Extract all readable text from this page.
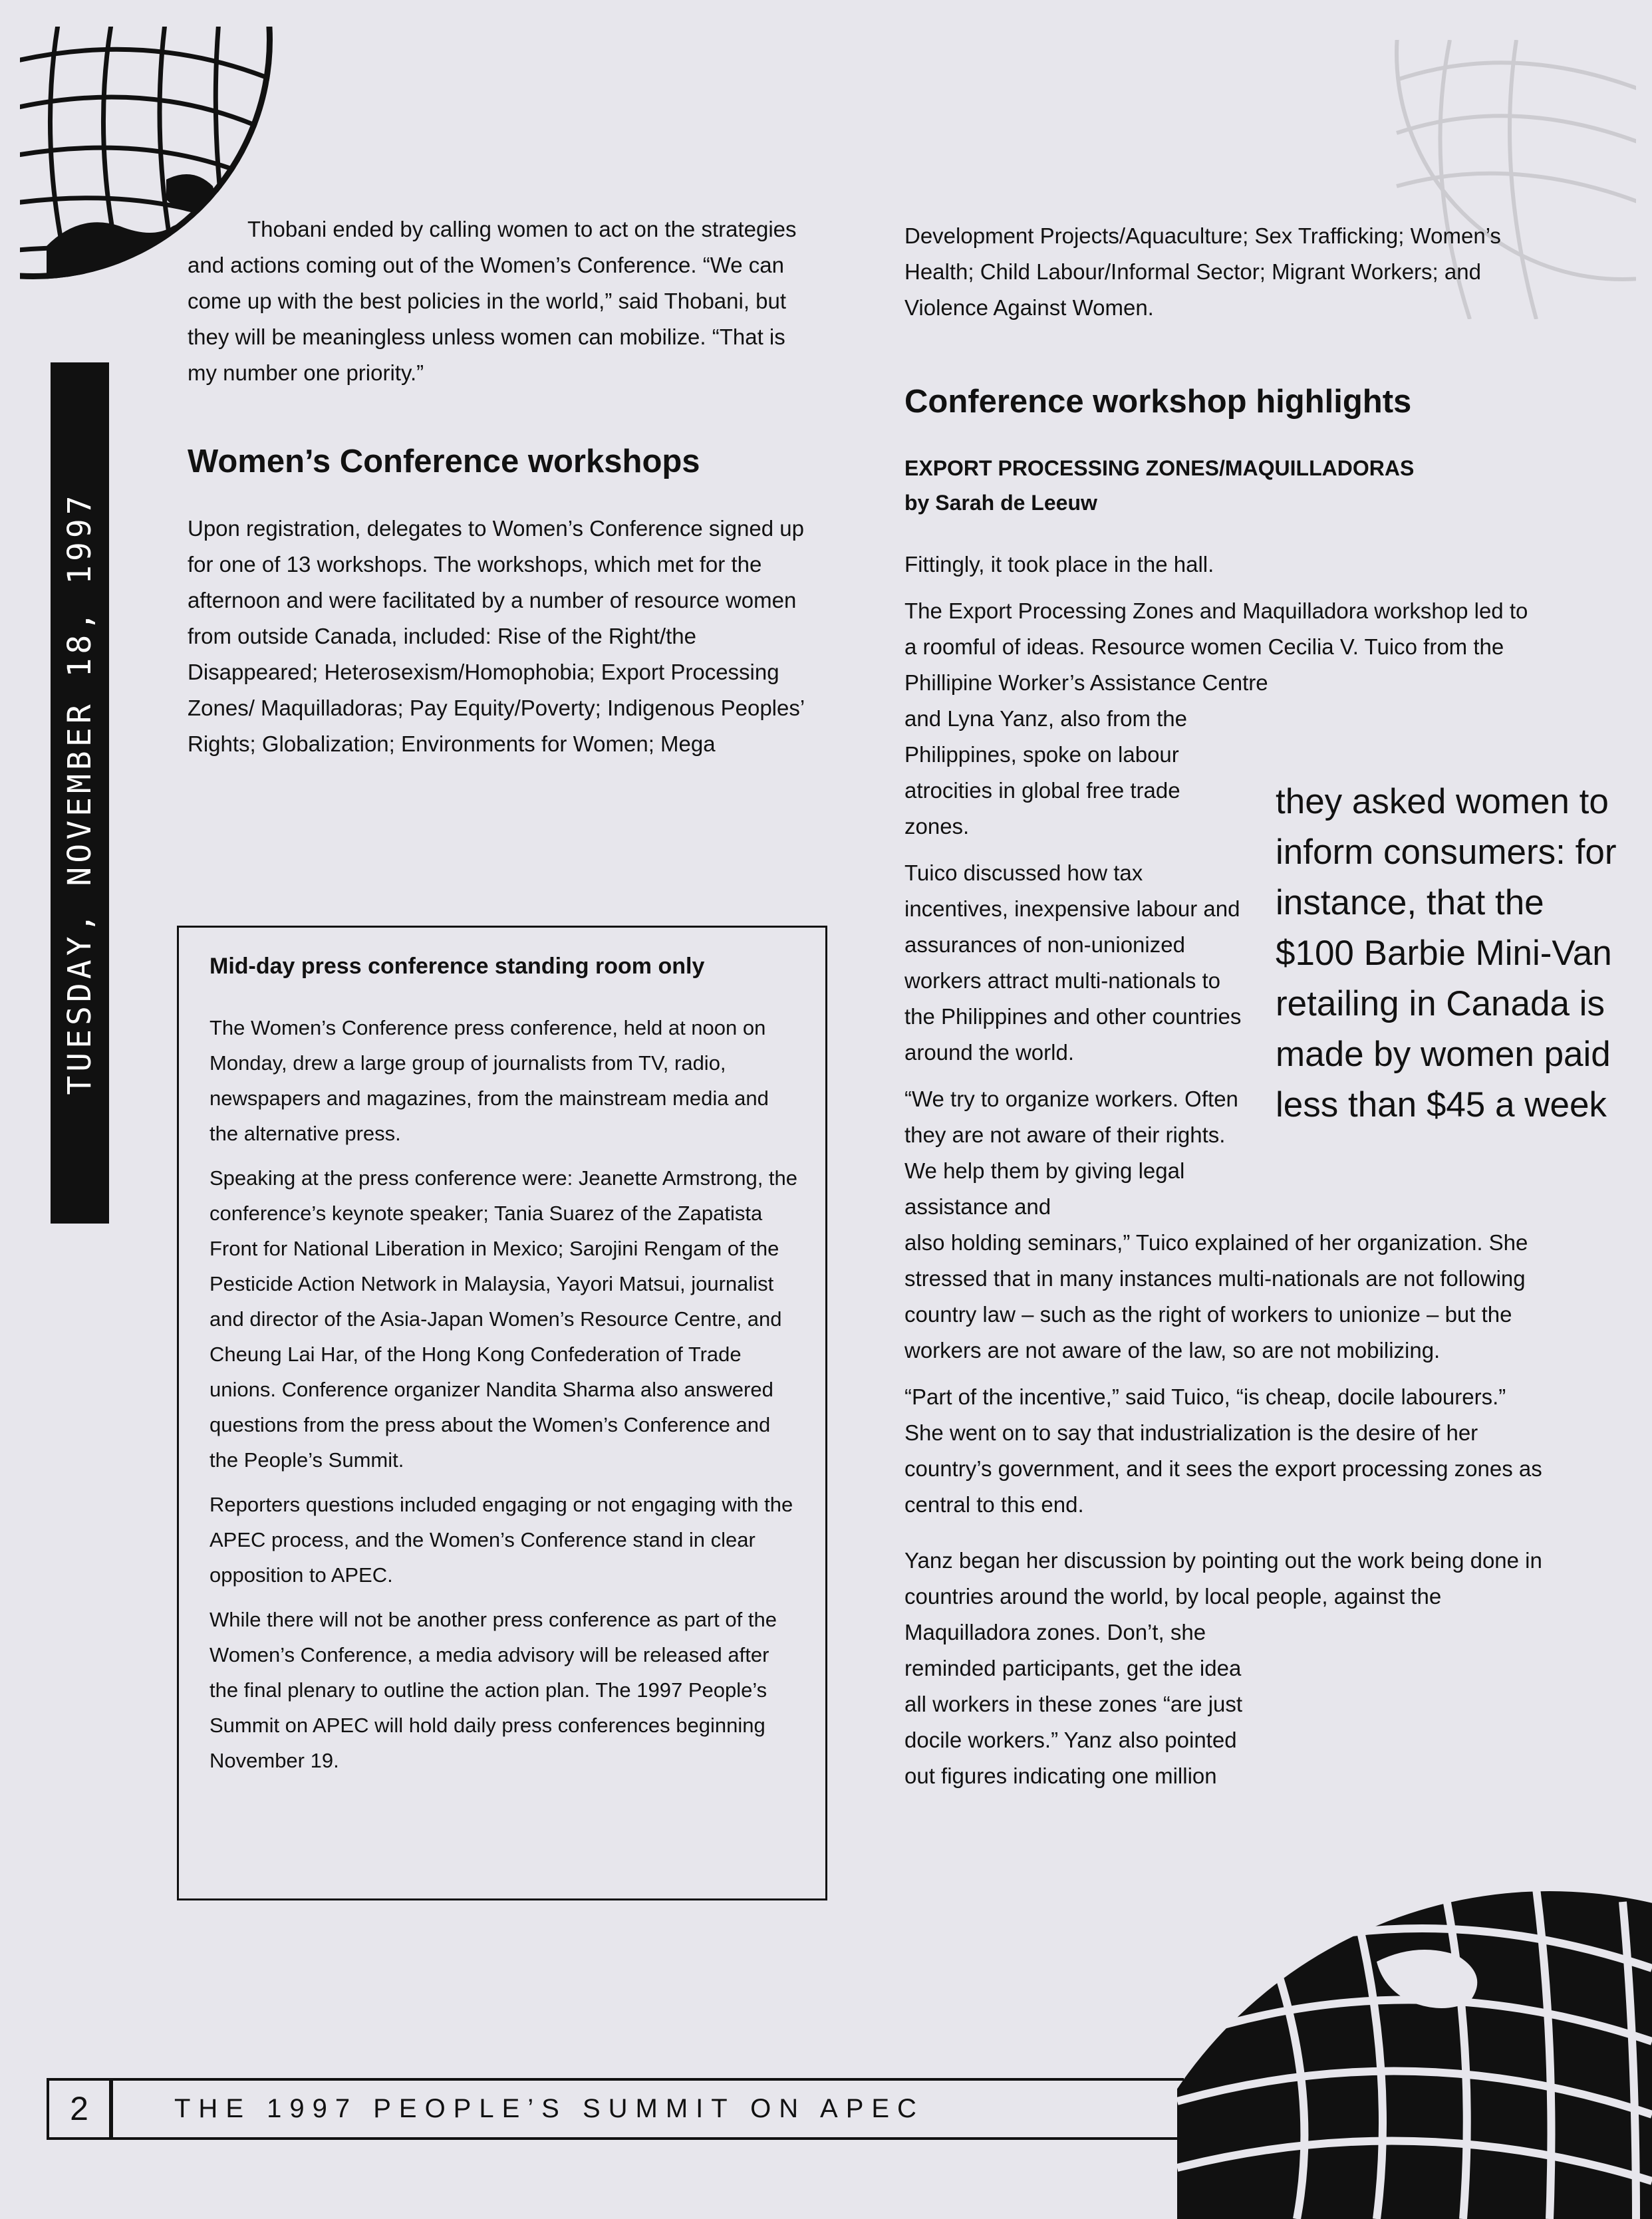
TUESDAY, NOVEMBER 18, 1997

Thobani ended by calling women to act on the strategies and actions coming out of the Women’s Conference. “We can come up with the best policies in the world,” said Thobani, but they will be meaningless unless women can mobilize. “That is my number one priority.”

Women’s Conference workshops

Upon registration, delegates to Women’s Conference signed up for one of 13 workshops. The workshops, which met for the afternoon and were facilitated by a number of resource women from outside Canada, included: Rise of the Right/the Disappeared; Heterosexism/Homophobia; Export Processing Zones/ Maquilladoras; Pay Equity/Poverty; Indigenous Peoples’ Rights; Globalization; Environments for Women; Mega

Mid-day press conference standing room only

The Women’s Conference press conference, held at noon on Monday, drew a large group of journalists from TV, radio, newspapers and magazines, from the mainstream media and the alternative press.

Speaking at the press conference were: Jeanette Armstrong, the conference’s keynote speaker; Tania Suarez of the Zapatista Front for National Liberation in Mexico; Sarojini Rengam of the Pesticide Action Network in Malaysia, Yayori Matsui, journalist and director of the Asia-Japan Women’s Resource Centre, and Cheung Lai Har, of the Hong Kong Confederation of Trade unions. Conference organizer Nandita Sharma also answered questions from the press about the Women’s Conference and the People’s Summit.

Reporters questions included engaging or not engaging with the APEC process, and the Women’s Conference stand in clear opposition to APEC.

While there will not be another press conference as part of the Women’s Conference, a media advisory will be released after the final plenary to outline the action plan. The 1997 People’s Summit on APEC will hold daily press conferences beginning November 19.

Development Projects/Aquaculture; Sex Trafficking; Women’s Health; Child Labour/Informal Sector; Migrant Workers; and Violence Against Women.

Conference workshop highlights
EXPORT PROCESSING ZONES/MAQUILLADORAS
by Sarah de Leeuw

Fittingly, it took place in the hall.

The Export Processing Zones and Maquilladora workshop led to a roomful of ideas. Resource women Cecilia V. Tuico from the Phillipine Worker’s Assistance Centre

and Lyna Yanz, also from the Philippines, spoke on labour atrocities in global free trade zones.

Tuico discussed how tax incentives, inexpensive labour and assurances of non-unionized workers attract multi-nationals to the Philippines and other countries around the world.

“We try to organize workers. Often they are not aware of their rights. We help them by giving legal assistance and

also holding seminars,” Tuico explained of her organization. She stressed that in many instances multi-nationals are not following country law – such as the right of workers to unionize – but the workers are not aware of the law, so are not mobilizing.

“Part of the incentive,” said Tuico, “is cheap, docile labourers.” She went on to say that industrialization is the desire of her country’s government, and it sees the export processing zones as central to this end.

Yanz began her discussion by pointing out the work being done in countries around the world, by local people, against the Maquilladora zones. Don’t, she

reminded participants, get the idea all workers in these zones “are just docile workers.” Yanz also pointed out figures indicating one million

they asked women to inform consumers: for instance, that the $100 Barbie Mini-Van retailing in Canada is made by women paid less than $45 a week
2	THE 1997 PEOPLE’S SUMMIT ON APEC
